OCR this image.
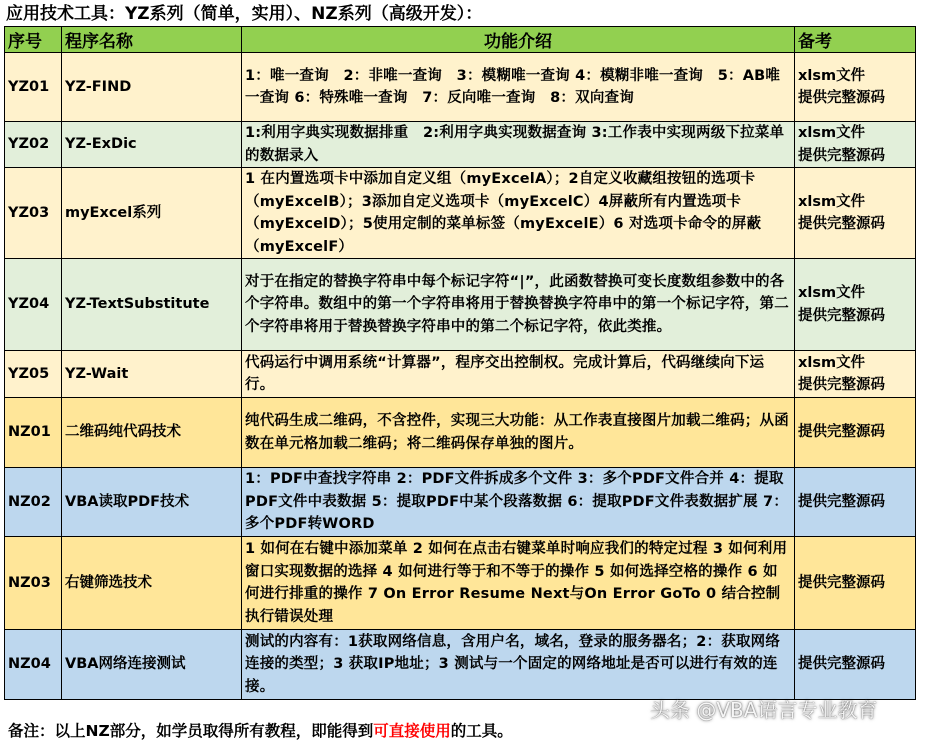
应用技术工具：YZ系列（简单，实用）、NZ系列（高级开发）：
序号	程序名称	功能介绍	备考
YZ01	YZ-FIND	1：唯一查询　2：非唯一查询　3：模糊唯一查询 4：模糊非唯一查询　5：AB唯一查询 6：特殊唯一查询　7：反向唯一查询　8：双向查询	xlsm文件
提供完整源码

YZ02	YZ-ExDic	1:利用字典实现数据排重　2:利用字典实现数据查询 3:工作表中实现两级下拉菜单的数据录入	xlsm文件
提供完整源码

YZ03	myExcel系列	1 在内置选项卡中添加自定义组（myExcelA）；2自定义收藏组按钮的选项卡（myExcelB）；3添加自定义选项卡（myExcelC）4屏蔽所有内置选项卡（myExcelD）；5使用定制的菜单标签（myExcelE）6 对选项卡命令的屏蔽（myExcelF）	xlsm文件
提供完整源码

YZ04	YZ-TextSubstitute	对于在指定的替换字符串中每个标记字符“|”，此函数替换可变长度数组参数中的各个字符串。数组中的第一个字符串将用于替换替换字符串中的第一个标记字符，第二个字符串将用于替换替换字符串中的第二个标记字符，依此类推。	xlsm文件
提供完整源码

YZ05	YZ-Wait	代码运行中调用系统“计算器”，程序交出控制权。完成计算后，代码继续向下运行。	xlsm文件
提供完整源码

NZ01	二维码纯代码技术	纯代码生成二维码，不含控件，实现三大功能：从工作表直接图片加载二维码；从函数在单元格加载二维码；将二维码保存单独的图片。	提供完整源码

NZ02	VBA读取PDF技术	1：PDF中查找字符串 2：PDF文件拆成多个文件 3：多个PDF文件合并 4：提取PDF文件中表数据 5：提取PDF中某个段落数据 6：提取PDF文件表数据扩展 7：多个PDF转WORD	提供完整源码

NZ03	右键筛选技术	1 如何在右键中添加菜单 2 如何在点击右键菜单时响应我们的特定过程 3 如何利用窗口实现数据的选择 4 如何进行等于和不等于的操作 5 如何选择空格的操作 6 如何进行排重的操作 7 On Error Resume Next与On Error GoTo 0 结合控制执行错误处理	提供完整源码

NZ04	VBA网络连接测试	测试的内容有：1获取网络信息，含用户名，域名，登录的服务器名；2：获取网络连接的类型；3 获取IP地址；3 测试与一个固定的网络地址是否可以进行有效的连接。	提供完整源码
备注：以上NZ部分，如学员取得所有教程，即能得到可直接使用的工具。
头条 @VBA语言专业教育
